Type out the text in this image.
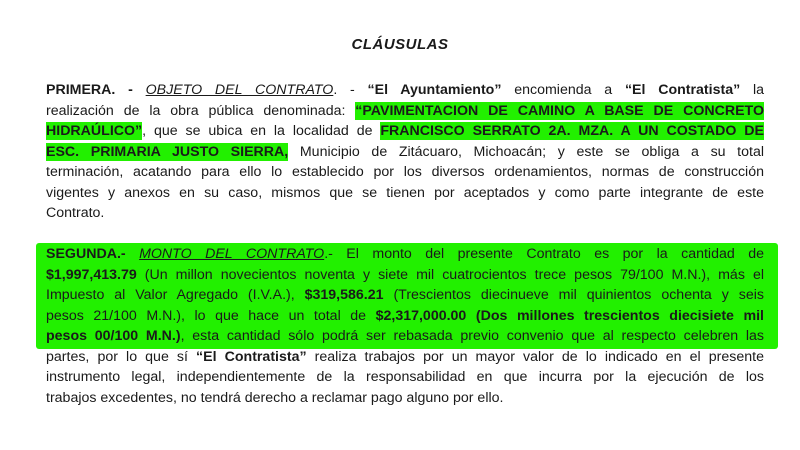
CLÁUSULAS
PRIMERA. - OBJETO DEL CONTRATO. - “El Ayuntamiento” encomienda a “El Contratista” la
realización de la obra pública denominada: “PAVIMENTACION DE CAMINO A BASE DE CONCRETO
HIDRAÚLICO”, que se ubica en la localidad de FRANCISCO SERRATO 2A. MZA. A UN COSTADO DE
ESC. PRIMARIA JUSTO SIERRA, Municipio de Zitácuaro, Michoacán; y este se obliga a su total
terminación, acatando para ello lo establecido por los diversos ordenamientos, normas de construcción
vigentes y anexos en su caso, mismos que se tienen por aceptados y como parte integrante de este
Contrato.
SEGUNDA.- MONTO DEL CONTRATO.- El monto del presente Contrato es por la cantidad de
$1,997,413.79 (Un millon novecientos noventa y siete mil cuatrocientos trece pesos 79/100 M.N.), más el
Impuesto al Valor Agregado (I.V.A.), $319,586.21 (Trescientos diecinueve mil quinientos ochenta y seis
pesos 21/100 M.N.), lo que hace un total de $2,317,000.00 (Dos millones trescientos diecisiete mil
pesos 00/100 M.N.), esta cantidad sólo podrá ser rebasada previo convenio que al respecto celebren las
partes, por lo que sí “El Contratista” realiza trabajos por un mayor valor de lo indicado en el presente
instrumento legal, independientemente de la responsabilidad en que incurra por la ejecución de los
trabajos excedentes, no tendrá derecho a reclamar pago alguno por ello.
